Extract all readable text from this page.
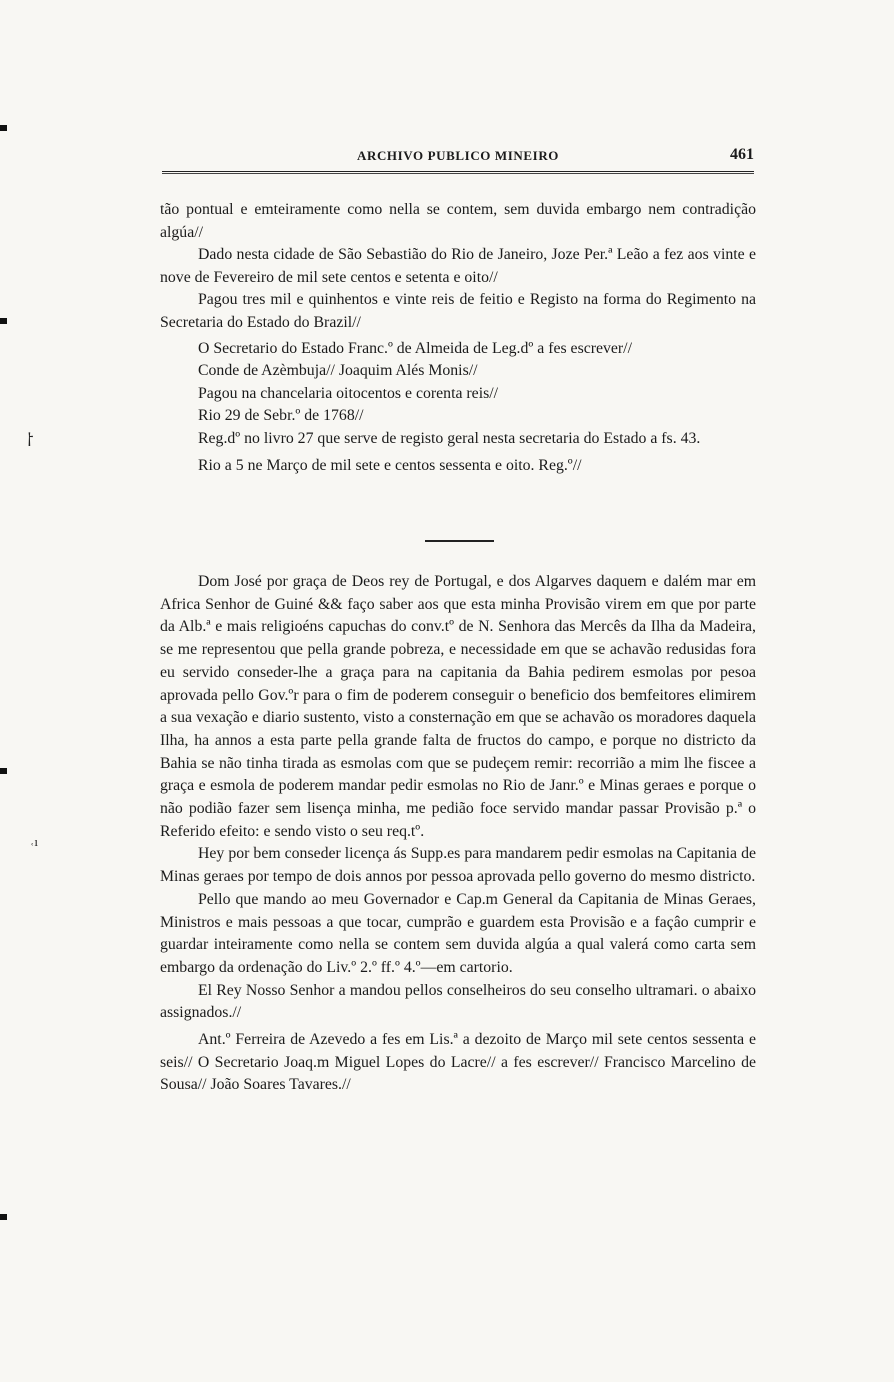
⸷
˓ı
ARCHIVO PUBLICO MINEIRO	461

tão pontual e emteiramente como nella se contem, sem duvida embargo nem contradição algúa//

Dado nesta cidade de São Sebastião do Rio de Janeiro, Joze Per.ª Leão a fez aos vinte e nove de Fevereiro de mil sete centos e setenta e oito//

Pagou tres mil e quinhentos e vinte reis de feitio e Registo na forma do Regimento na Secretaria do Estado do Brazil//

O Secretario do Estado Franc.º de Almeida de Leg.dº a fes escrever//

Conde de Azèmbuja// Joaquim Alés Monis//

Pagou na chancelaria oitocentos e corenta reis//

Rio 29 de Sebr.º de 1768//

Reg.dº no livro 27 que serve de registo geral nesta secretaria do Estado a fs. 43.

Rio a 5 ne Março de mil sete e centos sessenta e oito. Reg.º//

Dom José por graça de Deos rey de Portugal, e dos Algarves daquem e dalém mar em Africa Senhor de Guiné && faço saber aos que esta minha Provisão virem em que por parte da Alb.ª e mais religioéns capuchas do conv.tº de N. Senhora das Mercês da Ilha da Madeira, se me representou que pella grande pobreza, e necessidade em que se achavão redusidas fora eu servido conseder-lhe a graça para na capitania da Bahia pedirem esmolas por pesoa aprovada pello Gov.ºr para o fim de poderem conseguir o beneficio dos bemfeitores elimirem a sua vexação e diario sustento, visto a consternação em que se achavão os moradores daquela Ilha, ha annos a esta parte pella grande falta de fructos do campo, e porque no districto da Bahia se não tinha tirada as esmolas com que se pudeçem remir: recorrião a mim lhe fiscee a graça e esmola de poderem mandar pedir esmolas no Rio de Janr.º e Minas geraes e porque o não podião fazer sem lisença minha, me pedião foce servido mandar passar Provisão p.ª o Referido efeito: e sendo visto o seu req.tº.

Hey por bem conseder licença ás Supp.es para mandarem pedir esmolas na Capitania de Minas geraes por tempo de dois annos por pessoa aprovada pello governo do mesmo districto.

Pello que mando ao meu Governador e Cap.m General da Capitania de Minas Geraes, Ministros e mais pessoas a que tocar, cumprão e guardem esta Provisão e a façâo cumprir e guardar inteiramente como nella se contem sem duvida algúa a qual valerá como carta sem embargo da ordenação do Liv.º 2.º ff.º 4.º—em cartorio.

El Rey Nosso Senhor a mandou pellos conselheiros do seu conselho ultramari. o abaixo assignados.//

Ant.º Ferreira de Azevedo a fes em Lis.ª a dezoito de Março mil sete centos sessenta e seis// O Secretario Joaq.m Miguel Lopes do Lacre// a fes escrever// Francisco Marcelino de Sousa// João Soares Tavares.//
